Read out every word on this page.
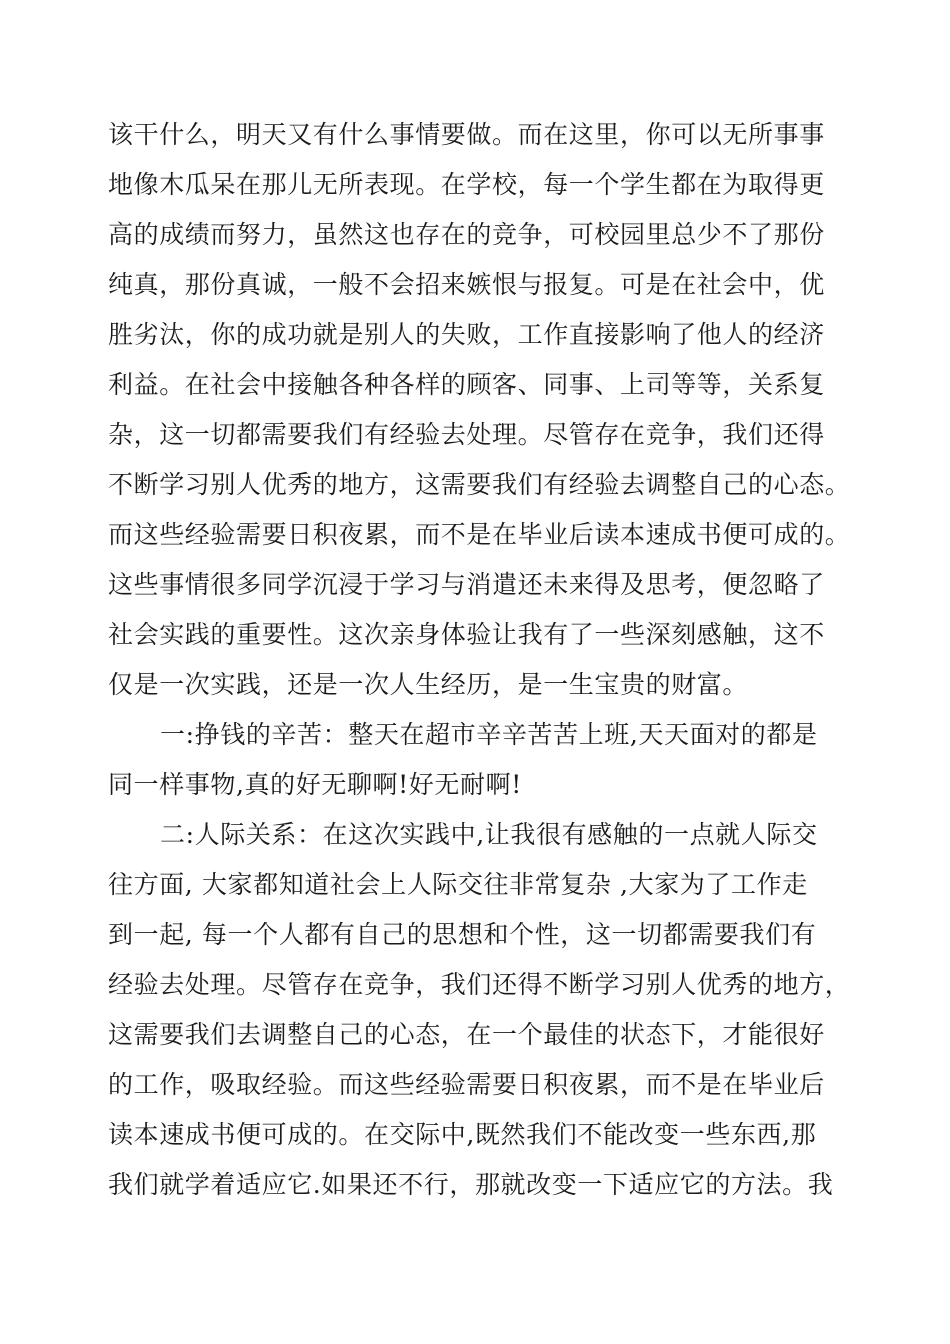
该干什么，明天又有什么事情要做。而在这里，你可以无所事事
地像木瓜呆在那儿无所表现。在学校，每一个学生都在为取得更
高的成绩而努力，虽然这也存在的竞争，可校园里总少不了那份
纯真，那份真诚，一般不会招来嫉恨与报复。可是在社会中，优
胜劣汰，你的成功就是别人的失败，工作直接影响了他人的经济
利益。在社会中接触各种各样的顾客、同事、上司等等，关系复
杂，这一切都需要我们有经验去处理。尽管存在竞争，我们还得
不断学习别人优秀的地方，这需要我们有经验去调整自己的心态。
而这些经验需要日积夜累，而不是在毕业后读本速成书便可成的。
这些事情很多同学沉浸于学习与消遣还未来得及思考，便忽略了
社会实践的重要性。这次亲身体验让我有了一些深刻感触，这不
仅是一次实践，还是一次人生经历，是一生宝贵的财富。
一:挣钱的辛苦：整天在超市辛辛苦苦上班,天天面对的都是
同一样事物,真的好无聊啊!好无耐啊!
二:人际关系：在这次实践中,让我很有感触的一点就人际交
往方面, 大家都知道社会上人际交往非常复杂 ,大家为了工作走
到一起, 每一个人都有自己的思想和个性，这一切都需要我们有
经验去处理。尽管存在竞争，我们还得不断学习别人优秀的地方，
这需要我们去调整自己的心态，在一个最佳的状态下，才能很好
的工作，吸取经验。而这些经验需要日积夜累，而不是在毕业后
读本速成书便可成的。在交际中,既然我们不能改变一些东西,那
我们就学着适应它.如果还不行，那就改变一下适应它的方法。我
